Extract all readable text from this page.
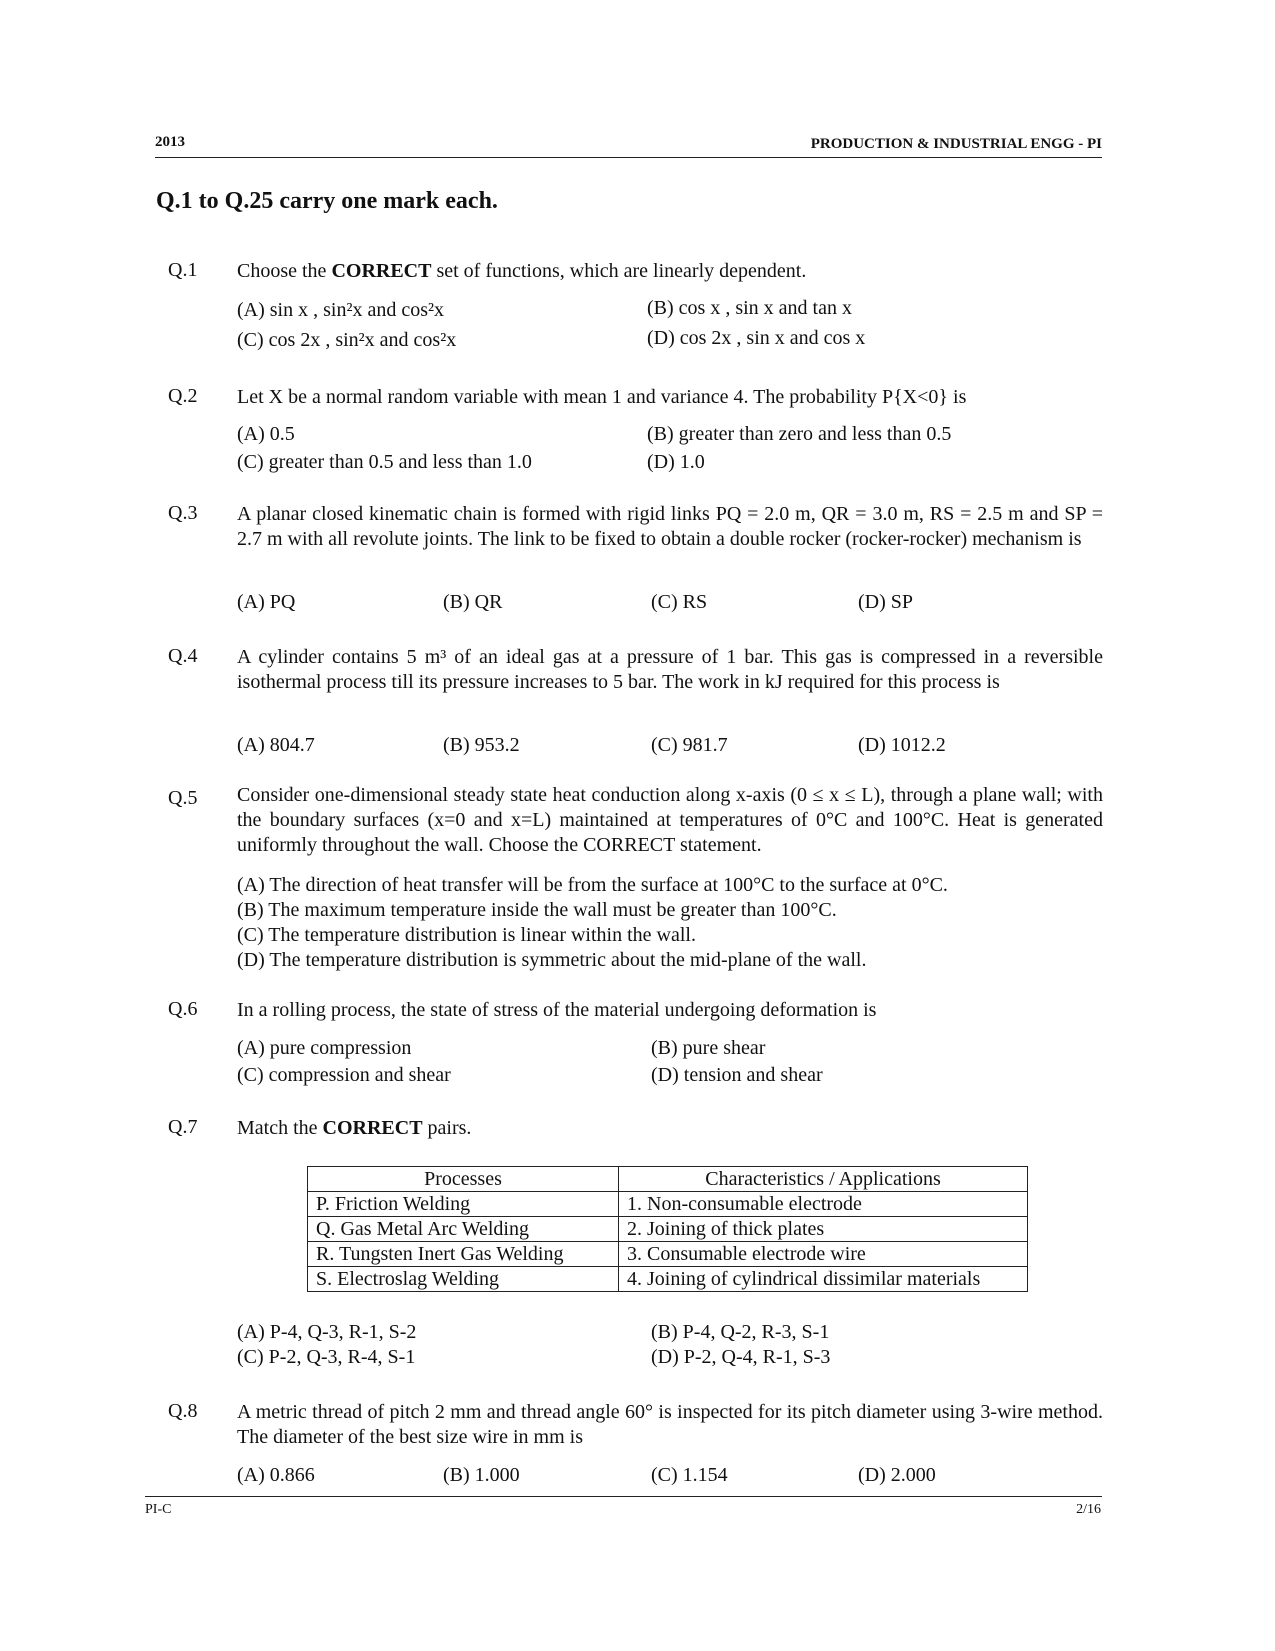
2013	PRODUCTION & INDUSTRIAL ENGG - PI
Q.1 to Q.25 carry one mark each.
Q.1 Choose the CORRECT set of functions, which are linearly dependent.
(A) sin x , sin²x and cos²x	(B) cos x , sin x and tan x
(C) cos 2x , sin²x and cos²x	(D) cos 2x , sin x and cos x
Q.2 Let X be a normal random variable with mean 1 and variance 4. The probability P{X<0} is
(A) 0.5	(B) greater than zero and less than 0.5
(C) greater than 0.5 and less than 1.0	(D) 1.0
Q.3 A planar closed kinematic chain is formed with rigid links PQ = 2.0 m, QR = 3.0 m, RS = 2.5 m and SP = 2.7 m with all revolute joints. The link to be fixed to obtain a double rocker (rocker-rocker) mechanism is
(A) PQ	(B) QR	(C) RS	(D) SP
Q.4 A cylinder contains 5 m³ of an ideal gas at a pressure of 1 bar. This gas is compressed in a reversible isothermal process till its pressure increases to 5 bar. The work in kJ required for this process is
(A) 804.7	(B) 953.2	(C) 981.7	(D) 1012.2
Q.5 Consider one-dimensional steady state heat conduction along x-axis (0 ≤ x ≤ L), through a plane wall; with the boundary surfaces (x=0 and x=L) maintained at temperatures of 0°C and 100°C. Heat is generated uniformly throughout the wall. Choose the CORRECT statement.
(A) The direction of heat transfer will be from the surface at 100°C to the surface at 0°C.
(B) The maximum temperature inside the wall must be greater than 100°C.
(C) The temperature distribution is linear within the wall.
(D) The temperature distribution is symmetric about the mid-plane of the wall.
Q.6 In a rolling process, the state of stress of the material undergoing deformation is
(A) pure compression	(B) pure shear
(C) compression and shear	(D) tension and shear
Q.7 Match the CORRECT pairs.
Processes	Characteristics / Applications
P. Friction Welding	1. Non-consumable electrode
Q. Gas Metal Arc Welding	2. Joining of thick plates
R. Tungsten Inert Gas Welding	3. Consumable electrode wire
S. Electroslag Welding	4. Joining of cylindrical dissimilar materials
(A) P-4, Q-3, R-1, S-2	(B) P-4, Q-2, R-3, S-1
(C) P-2, Q-3, R-4, S-1	(D) P-2, Q-4, R-1, S-3
Q.8 A metric thread of pitch 2 mm and thread angle 60° is inspected for its pitch diameter using 3-wire method. The diameter of the best size wire in mm is
(A) 0.866	(B) 1.000	(C) 1.154	(D) 2.000
PI-C	2/16
